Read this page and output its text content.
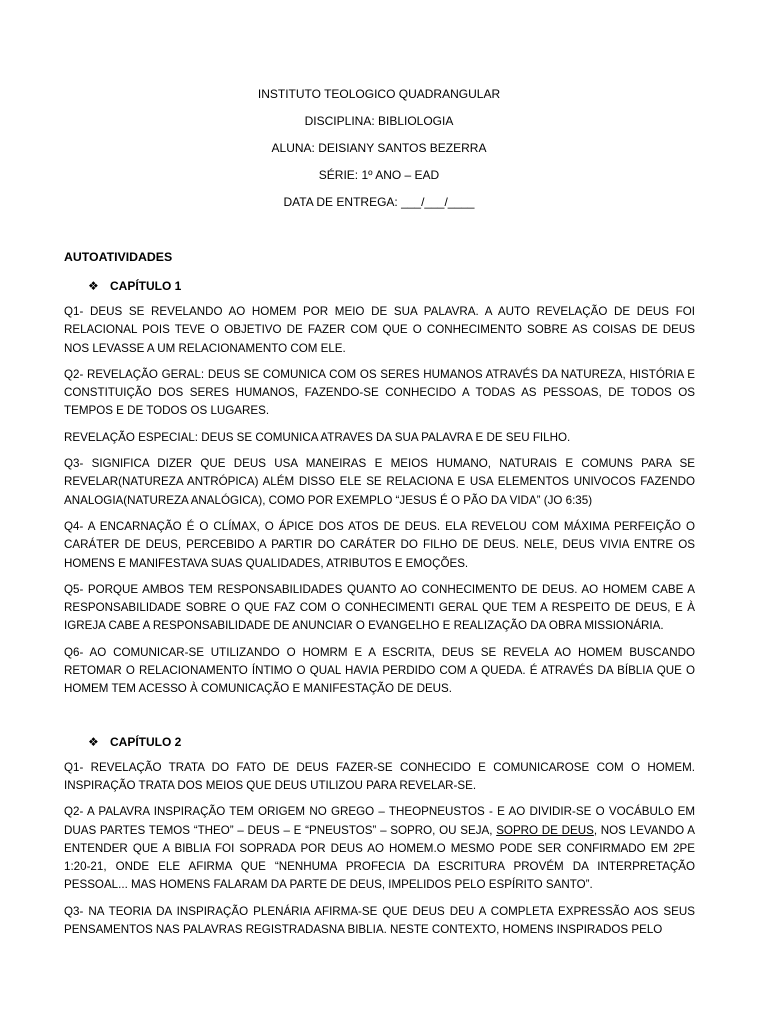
INSTITUTO TEOLOGICO QUADRANGULAR
DISCIPLINA: BIBLIOLOGIA
ALUNA: DEISIANY SANTOS BEZERRA
SÉRIE: 1º ANO – EAD
DATA DE ENTREGA: ___/___/____
AUTOATIVIDADES
❖ CAPÍTULO 1

Q1- DEUS SE REVELANDO AO HOMEM POR MEIO DE SUA PALAVRA. A AUTO REVELAÇÃO DE DEUS FOI RELACIONAL POIS TEVE O OBJETIVO DE FAZER COM QUE O CONHECIMENTO SOBRE AS COISAS DE DEUS NOS LEVASSE A UM RELACIONAMENTO COM ELE.

Q2- REVELAÇÃO GERAL: DEUS SE COMUNICA COM OS SERES HUMANOS ATRAVÉS DA NATUREZA, HISTÓRIA E CONSTITUIÇÃO DOS SERES HUMANOS, FAZENDO-SE CONHECIDO A TODAS AS PESSOAS, DE TODOS OS TEMPOS E DE TODOS OS LUGARES.

REVELAÇÃO ESPECIAL: DEUS SE COMUNICA ATRAVES DA SUA PALAVRA E DE SEU FILHO.

Q3- SIGNIFICA DIZER QUE DEUS USA MANEIRAS E MEIOS HUMANO, NATURAIS E COMUNS PARA SE REVELAR(NATUREZA ANTRÓPICA) ALÉM DISSO ELE SE RELACIONA E USA ELEMENTOS UNIVOCOS FAZENDO ANALOGIA(NATUREZA ANALÓGICA), COMO POR EXEMPLO “JESUS É O PÃO DA VIDA” (JO 6:35)

Q4- A ENCARNAÇÃO É O CLÍMAX, O ÁPICE DOS ATOS DE DEUS. ELA REVELOU COM MÁXIMA PERFEIÇÃO O CARÁTER DE DEUS, PERCEBIDO A PARTIR DO CARÁTER DO FILHO DE DEUS. NELE, DEUS VIVIA ENTRE OS HOMENS E MANIFESTAVA SUAS QUALIDADES, ATRIBUTOS E EMOÇÕES.

Q5- PORQUE AMBOS TEM RESPONSABILIDADES QUANTO AO CONHECIMENTO DE DEUS. AO HOMEM CABE A RESPONSABILIDADE SOBRE O QUE FAZ COM O CONHECIMENTI GERAL QUE TEM A RESPEITO DE DEUS, E À IGREJA CABE A RESPONSABILIDADE DE ANUNCIAR O EVANGELHO E REALIZAÇÃO DA OBRA MISSIONÁRIA.

Q6- AO COMUNICAR-SE UTILIZANDO O HOMRM E A ESCRITA, DEUS SE REVELA AO HOMEM BUSCANDO RETOMAR O RELACIONAMENTO ÍNTIMO O QUAL HAVIA PERDIDO COM A QUEDA. É ATRAVÉS DA BÍBLIA QUE O HOMEM TEM ACESSO À COMUNICAÇÃO E MANIFESTAÇÃO DE DEUS.

❖ CAPÍTULO 2

Q1- REVELAÇÃO TRATA DO FATO DE DEUS FAZER-SE CONHECIDO E COMUNICAROSE COM O HOMEM. INSPIRAÇÃO TRATA DOS MEIOS QUE DEUS UTILIZOU PARA REVELAR-SE.

Q2- A PALAVRA INSPIRAÇÃO TEM ORIGEM NO GREGO – THEOPNEUSTOS - E AO DIVIDIR-SE O VOCÁBULO EM DUAS PARTES TEMOS “THEO” – DEUS – E “PNEUSTOS” – SOPRO, OU SEJA, SOPRO DE DEUS, NOS LEVANDO A ENTENDER QUE A BIBLIA FOI SOPRADA POR DEUS AO HOMEM.O MESMO PODE SER CONFIRMADO EM 2PE 1:20-21, ONDE ELE AFIRMA QUE “NENHUMA PROFECIA DA ESCRITURA PROVÉM DA INTERPRETAÇÃO PESSOAL... MAS HOMENS FALARAM DA PARTE DE DEUS, IMPELIDOS PELO ESPÍRITO SANTO”.

Q3- NA TEORIA DA INSPIRAÇÃO PLENÁRIA AFIRMA-SE QUE DEUS DEU A COMPLETA EXPRESSÃO AOS SEUS PENSAMENTOS NAS PALAVRAS REGISTRADASNA BIBLIA. NESTE CONTEXTO, HOMENS INSPIRADOS PELO
